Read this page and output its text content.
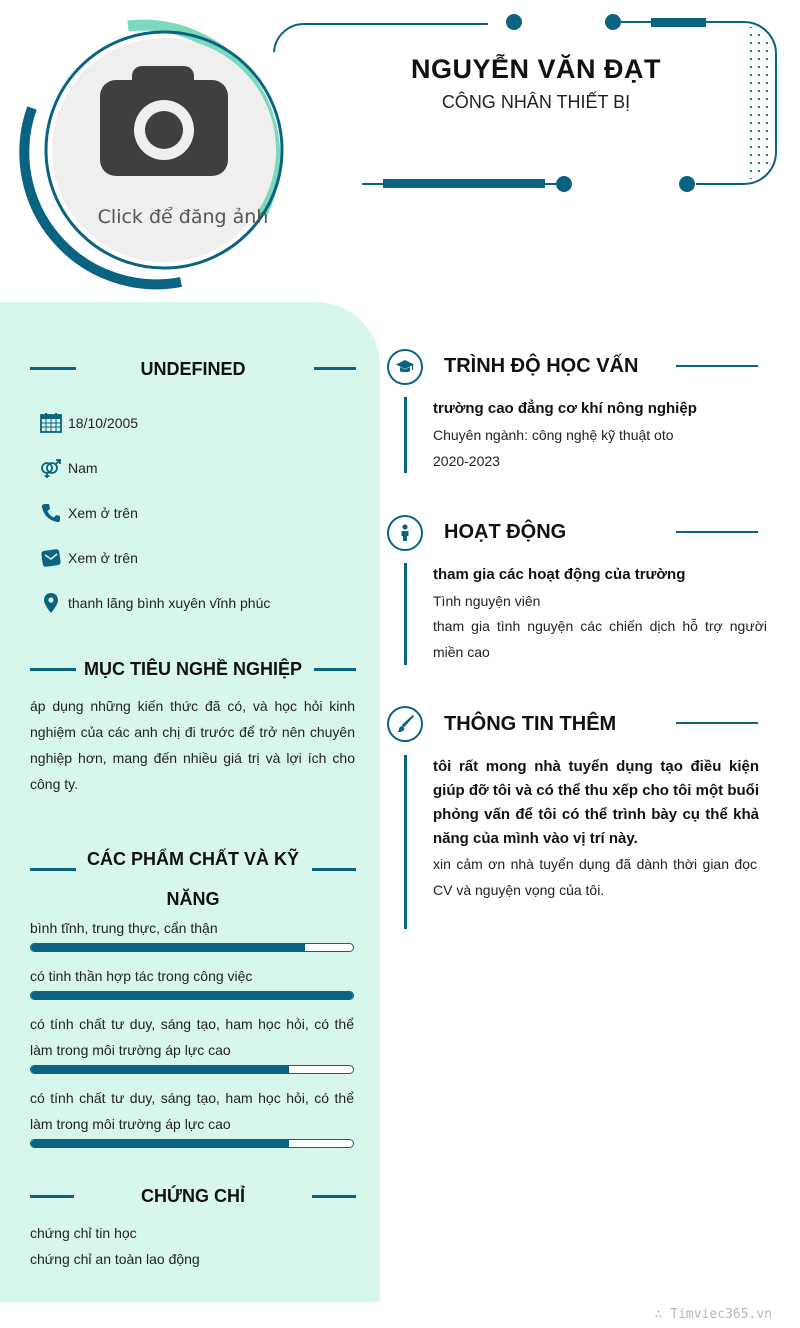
Click để đăng ảnh
NGUYỄN VĂN ĐẠT
CÔNG NHÂN THIẾT BỊ
UNDEFINED
18/10/2005
Nam
Xem ở trên
Xem ở trên
thanh lãng bình xuyên vĩnh phúc
MỤC TIÊU NGHỀ NGHIỆP
áp dụng những kiến thức đã có, và học hỏi kinh nghiệm của các anh chị đi trước để trở nên chuyên nghiệp hơn, mang đến nhiều giá trị và lợi ích cho công ty.
CÁC PHẨM CHẤT VÀ KỸ
NĂNG
bình tĩnh, trung thực, cẩn thận
có tinh thần hợp tác trong công việc
có tính chất tư duy, sáng tạo, ham học hỏi, có thể làm trong môi trường áp lực cao
có tính chất tư duy, sáng tạo, ham học hỏi, có thể làm trong môi trường áp lực cao
CHỨNG CHỈ
chứng chỉ tin học
chứng chỉ an toàn lao động
TRÌNH ĐỘ HỌC VẤN
trường cao đẳng cơ khí nông nghiệp
Chuyên ngành: công nghệ kỹ thuật oto
2020-2023
HOẠT ĐỘNG
tham gia các hoạt động của trường
Tình nguyện viên
tham gia tình nguyện các chiến dịch hỗ trợ người miền cao
THÔNG TIN THÊM
tôi rất mong nhà tuyển dụng tạo điều kiện giúp đỡ tôi và có thể thu xếp cho tôi một buổi phỏng vấn để tôi có thể trình bày cụ thể khả năng của mình vào vị trí này.
xin cảm ơn nhà tuyển dụng đã dành thời gian đọc CV và nguyện vọng của tôi.
∴ Timviec365.vn
